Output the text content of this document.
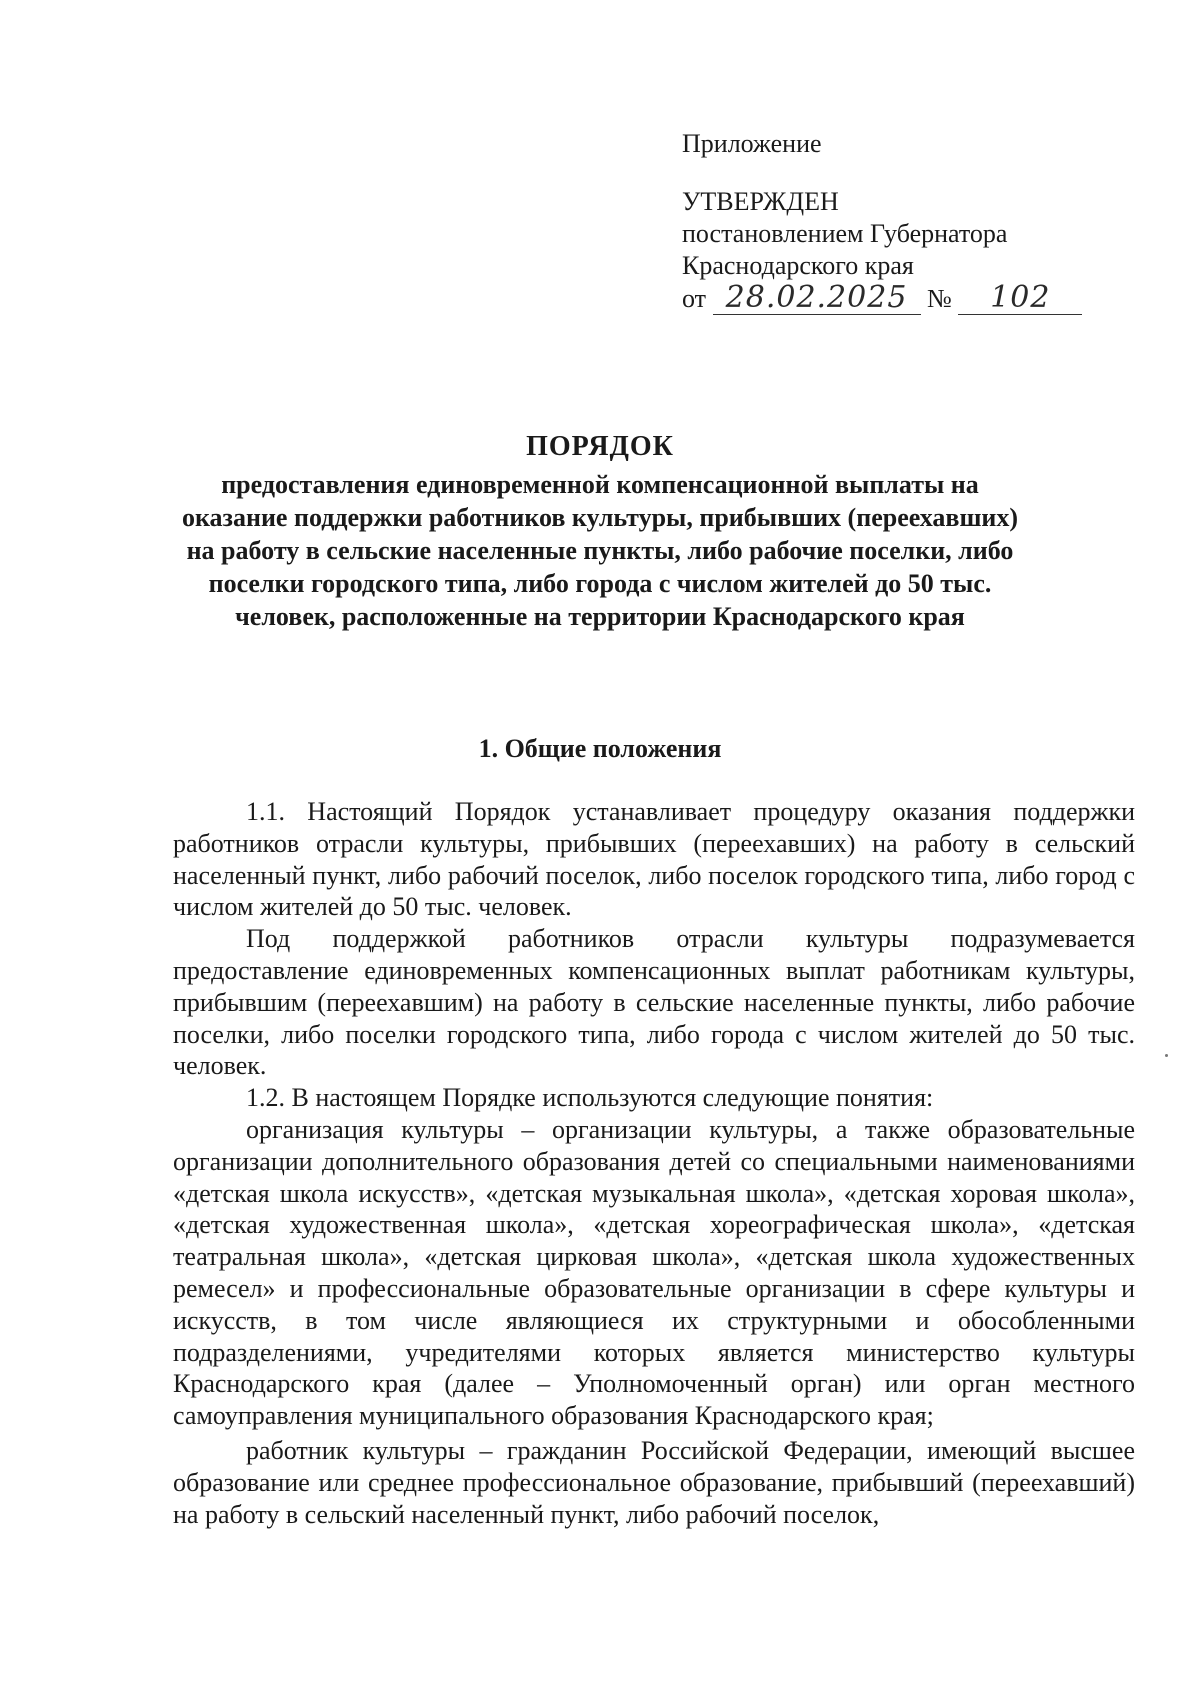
Приложение
УТВЕРЖДЕН
постановлением Губернатора
Краснодарского края
от 28.02.2025 № 102
ПОРЯДОК

предоставления единовременной компенсационной выплаты на оказание поддержки работников культуры, прибывших (переехавших) на работу в сельские населенные пункты, либо рабочие поселки, либо поселки городского типа, либо города с числом жителей до 50 тыс. человек, расположенные на территории Краснодарского края

1. Общие положения

1.1. Настоящий Порядок устанавливает процедуру оказания поддержки работников отрасли культуры, прибывших (переехавших) на работу в сельский населенный пункт, либо рабочий поселок, либо поселок городского типа, либо город с числом жителей до 50 тыс. человек.

Под поддержкой работников отрасли культуры подразумевается предоставление единовременных компенсационных выплат работникам культуры, прибывшим (переехавшим) на работу в сельские населенные пункты, либо рабочие поселки, либо поселки городского типа, либо города с числом жителей до 50 тыс. человек.

1.2. В настоящем Порядке используются следующие понятия:

организация культуры – организации культуры, а также образовательные организации дополнительного образования детей со специальными наименованиями «детская школа искусств», «детская музыкальная школа», «детская хоровая школа», «детская художественная школа», «детская хореографическая школа», «детская театральная школа», «детская цирковая школа», «детская школа художественных ремесел» и профессиональные образовательные организации в сфере культуры и искусств, в том числе являющиеся их структурными и обособленными подразделениями, учредителями которых является министерство культуры Краснодарского края (далее – Уполномоченный орган) или орган местного самоуправления муниципального образования Краснодарского края;

работник культуры – гражданин Российской Федерации, имеющий высшее образование или среднее профессиональное образование, прибывший (переехавший) на работу в сельский населенный пункт, либо рабочий поселок,
